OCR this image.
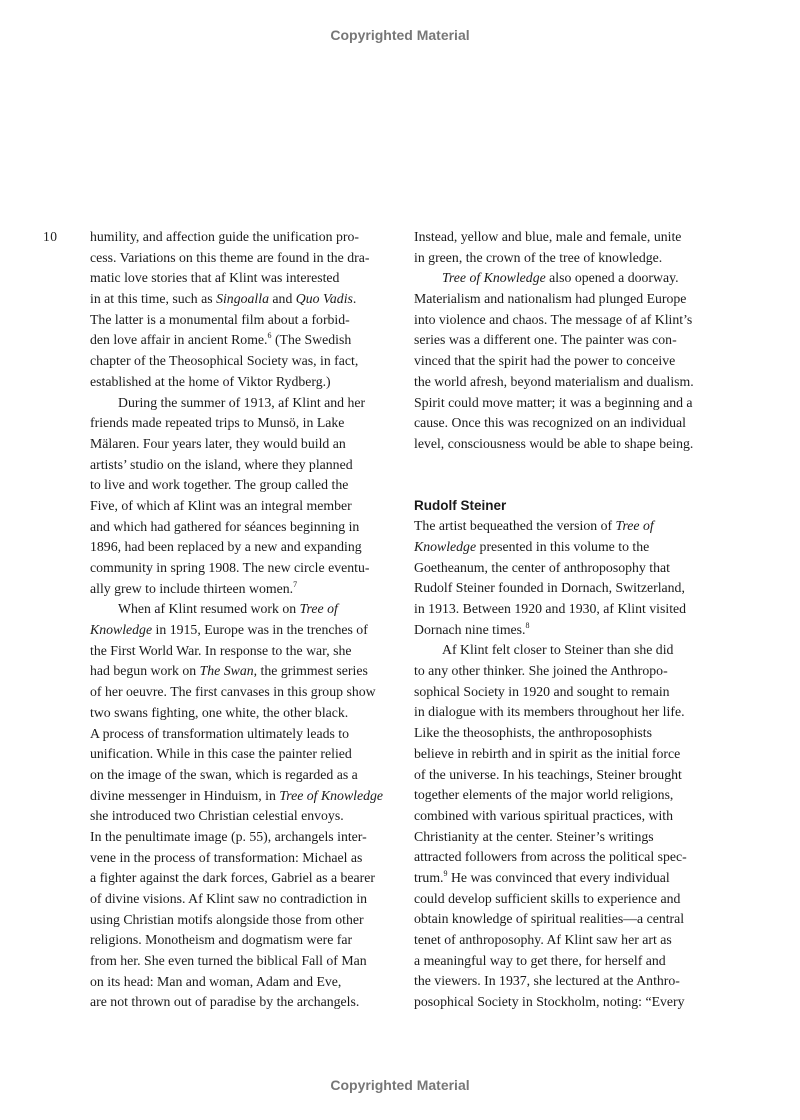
Copyrighted Material
10 humility, and affection guide the unification pro-
cess. Variations on this theme are found in the dra-
matic love stories that af Klint was interested
in at this time, such as Singoalla and Quo Vadis.
The latter is a monumental film about a forbid-
den love affair in ancient Rome.$^6$ (The Swedish
chapter of the Theosophical Society was, in fact,
established at the home of Viktor Rydberg.)
During the summer of 1913, af Klint and her
friends made repeated trips to Munsö, in Lake
Mälaren. Four years later, they would build an
artists’ studio on the island, where they planned
to live and work together. The group called the
Five, of which af Klint was an integral member
and which had gathered for séances beginning in
1896, had been replaced by a new and expanding
community in spring 1908. The new circle eventu-
ally grew to include thirteen women.$^7$
When af Klint resumed work on Tree of
Knowledge in 1915, Europe was in the trenches of
the First World War. In response to the war, she
had begun work on The Swan, the grimmest series
of her oeuvre. The first canvases in this group show
two swans fighting, one white, the other black.
A process of transformation ultimately leads to
unification. While in this case the painter relied
on the image of the swan, which is regarded as a
divine messenger in Hinduism, in Tree of Knowledge
she introduced two Christian celestial envoys.
In the penultimate image (p. 55), archangels inter-
vene in the process of transformation: Michael as
a fighter against the dark forces, Gabriel as a bearer
of divine visions. Af Klint saw no contradiction in
using Christian motifs alongside those from other
religions. Monotheism and dogmatism were far
from her. She even turned the biblical Fall of Man
on its head: Man and woman, Adam and Eve,
are not thrown out of paradise by the archangels.
Instead, yellow and blue, male and female, unite
in green, the crown of the tree of knowledge.
Tree of Knowledge also opened a doorway.
Materialism and nationalism had plunged Europe
into violence and chaos. The message of af Klint’s
series was a different one. The painter was con-
vinced that the spirit had the power to conceive
the world afresh, beyond materialism and dualism.
Spirit could move matter; it was a beginning and a
cause. Once this was recognized on an individual
level, consciousness would be able to shape being.
Rudolf Steiner
The artist bequeathed the version of Tree of
Knowledge presented in this volume to the
Goetheanum, the center of anthroposophy that
Rudolf Steiner founded in Dornach, Switzerland,
in 1913. Between 1920 and 1930, af Klint visited
Dornach nine times.$^8$
Af Klint felt closer to Steiner than she did
to any other thinker. She joined the Anthropo-
sophical Society in 1920 and sought to remain
in dialogue with its members throughout her life.
Like the theosophists, the anthroposophists
believe in rebirth and in spirit as the initial force
of the universe. In his teachings, Steiner brought
together elements of the major world religions,
combined with various spiritual practices, with
Christianity at the center. Steiner’s writings
attracted followers from across the political spec-
trum.$^9$ He was convinced that every individual
could develop sufficient skills to experience and
obtain knowledge of spiritual realities—a central
tenet of anthroposophy. Af Klint saw her art as
a meaningful way to get there, for herself and
the viewers. In 1937, she lectured at the Anthro-
posophical Society in Stockholm, noting: “Every
Copyrighted Material
